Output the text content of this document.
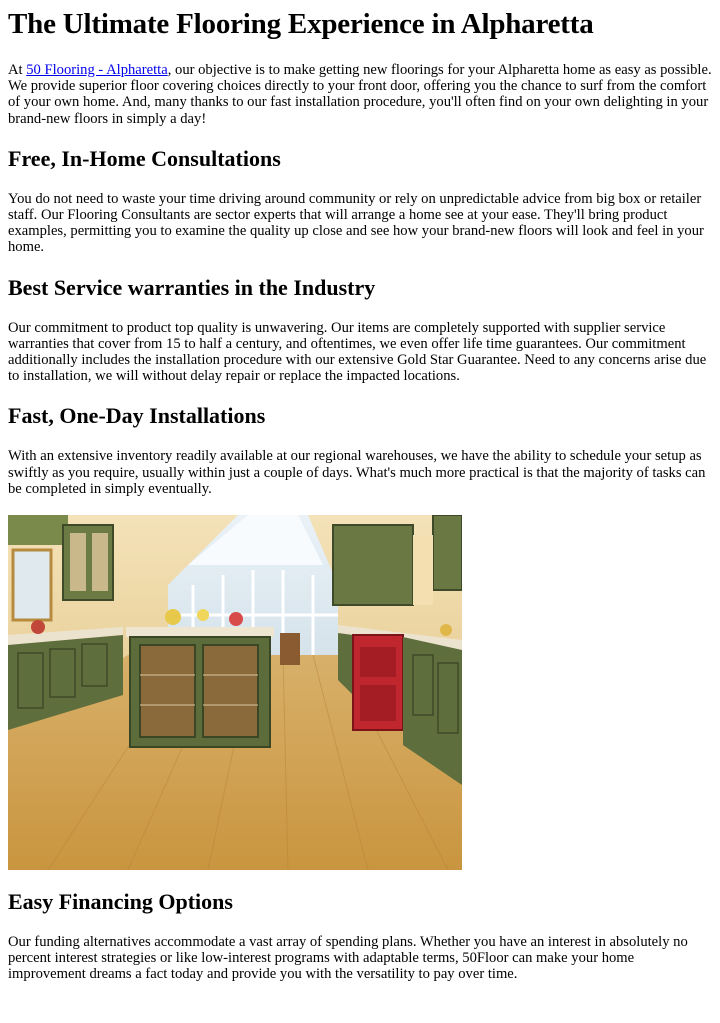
The Ultimate Flooring Experience in Alpharetta

At 50 Flooring - Alpharetta, our objective is to make getting new floorings for your Alpharetta home as easy as possible. We provide superior floor covering choices directly to your front door, offering you the chance to surf from the comfort of your own home. And, many thanks to our fast installation procedure, you'll often find on your own delighting in your brand-new floors in simply a day!

Free, In-Home Consultations

You do not need to waste your time driving around community or rely on unpredictable advice from big box or retailer staff. Our Flooring Consultants are sector experts that will arrange a home see at your ease. They'll bring product examples, permitting you to examine the quality up close and see how your brand-new floors will look and feel in your home.

Best Service warranties in the Industry

Our commitment to product top quality is unwavering. Our items are completely supported with supplier service warranties that cover from 15 to half a century, and oftentimes, we even offer life time guarantees. Our commitment additionally includes the installation procedure with our extensive Gold Star Guarantee. Need to any concerns arise due to installation, we will without delay repair or replace the impacted locations.

Fast, One-Day Installations

With an extensive inventory readily available at our regional warehouses, we have the ability to schedule your setup as swiftly as you require, usually within just a couple of days. What's much more practical is that the majority of tasks can be completed in simply eventually.

Easy Financing Options

Our funding alternatives accommodate a vast array of spending plans. Whether you have an interest in absolutely no percent interest strategies or like low-interest programs with adaptable terms, 50Floor can make your home improvement dreams a fact today and provide you with the versatility to pay over time.
